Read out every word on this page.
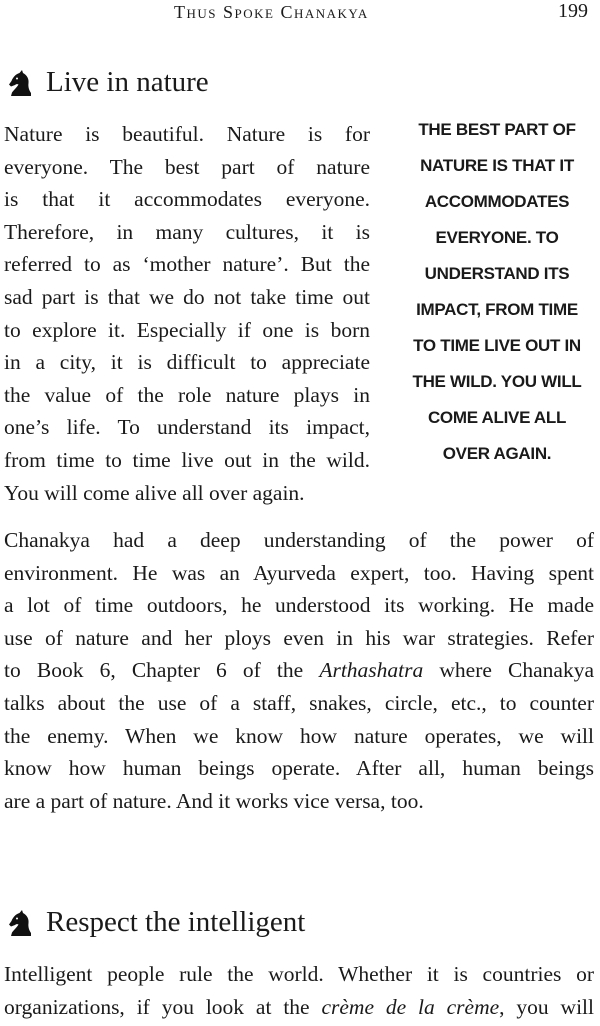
Thus Spoke Chanakya	199
Live in nature

Nature is beautiful. Nature is for
everyone. The best part of nature
is that it accommodates everyone.
Therefore, in many cultures, it is
referred to as ‘mother nature’. But the
sad part is that we do not take time out
to explore it. Especially if one is born
in a city, it is difficult to appreciate
the value of the role nature plays in
one’s life. To understand its impact,
from time to time live out in the wild.
You will come alive all over again.

THE BEST PART OF NATURE IS THAT IT ACCOMMODATES EVERYONE. TO UNDERSTAND ITS IMPACT, FROM TIME TO TIME LIVE OUT IN THE WILD. YOU WILL COME ALIVE ALL OVER AGAIN.

Chanakya had a deep understanding of the power of
environment. He was an Ayurveda expert, too. Having spent
a lot of time outdoors, he understood its working. He made
use of nature and her ploys even in his war strategies. Refer
to Book 6, Chapter 6 of the Arthashatra where Chanakya
talks about the use of a staff, snakes, circle, etc., to counter
the enemy. When we know how nature operates, we will
know how human beings operate. After all, human beings
are a part of nature. And it works vice versa, too.

Respect the intelligent

Intelligent people rule the world. Whether it is countries or
organizations, if you look at the crème de la crème, you will
